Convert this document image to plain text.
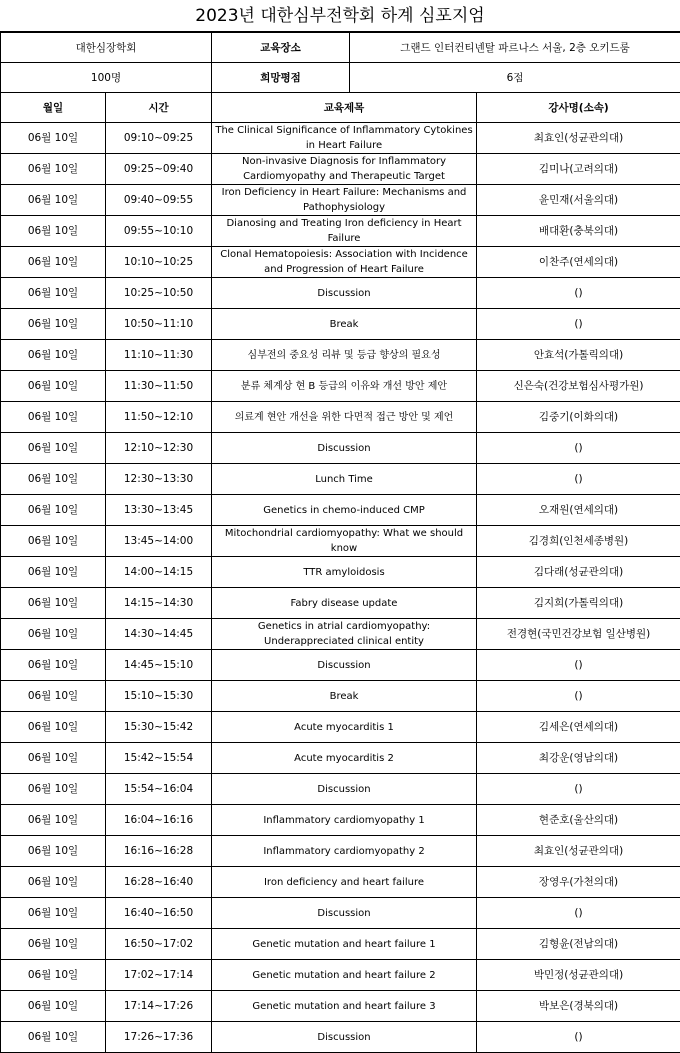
2023년 대한심부전학회 하계 심포지엄
대한심장학회		교육장소	그랜드 인터컨티넨탈 파르나스 서울, 2층 오키드룸	
100명		희망평점	6점	
월일	시간	교육제목		강사명(소속)
06월 10일	09:10~09:25	The Clinical Significance of Inflammatory Cytokines in Heart Failure		최효인(성균관의대)
06월 10일	09:25~09:40	Non-invasive Diagnosis for Inflammatory Cardiomyopathy and Therapeutic Target		김미나(고려의대)
06월 10일	09:40~09:55	Iron Deficiency in Heart Failure: Mechanisms and Pathophysiology		윤민재(서울의대)
06월 10일	09:55~10:10	Dianosing and Treating Iron deficiency in Heart Failure		배대환(충북의대)
06월 10일	10:10~10:25	Clonal Hematopoiesis: Association with Incidence and Progression of Heart Failure		이찬주(연세의대)
06월 10일	10:25~10:50	Discussion		()
06월 10일	10:50~11:10	Break		()
06월 10일	11:10~11:30	심부전의 중요성 리뷰 및 등급 향상의 필요성		안효석(가톨릭의대)
06월 10일	11:30~11:50	분류 체계상 현 B 등급의 이유와 개선 방안 제안		신은숙(건강보험심사평가원)
06월 10일	11:50~12:10	의료계 현안 개선을 위한 다면적 접근 방안 및 제언		김중기(이화의대)
06월 10일	12:10~12:30	Discussion		()
06월 10일	12:30~13:30	Lunch Time		()
06월 10일	13:30~13:45	Genetics in chemo-induced CMP		오재원(연세의대)
06월 10일	13:45~14:00	Mitochondrial cardiomyopathy: What we should know		김경희(인천세종병원)
06월 10일	14:00~14:15	TTR amyloidosis		김다래(성균관의대)
06월 10일	14:15~14:30	Fabry disease update		김지희(가톨릭의대)
06월 10일	14:30~14:45	Genetics in atrial cardiomyopathy: Underappreciated clinical entity		전경현(국민건강보험 일산병원)
06월 10일	14:45~15:10	Discussion		()
06월 10일	15:10~15:30	Break		()
06월 10일	15:30~15:42	Acute myocarditis 1		김세은(연세의대)
06월 10일	15:42~15:54	Acute myocarditis 2		최강운(영남의대)
06월 10일	15:54~16:04	Discussion		()
06월 10일	16:04~16:16	Inflammatory cardiomyopathy 1		현준호(울산의대)
06월 10일	16:16~16:28	Inflammatory cardiomyopathy 2		최효인(성균관의대)
06월 10일	16:28~16:40	Iron deficiency and heart failure		장영우(가천의대)
06월 10일	16:40~16:50	Discussion		()
06월 10일	16:50~17:02	Genetic mutation and heart failure 1		김형윤(전남의대)
06월 10일	17:02~17:14	Genetic mutation and heart failure 2		박민정(성균관의대)
06월 10일	17:14~17:26	Genetic mutation and heart failure 3		박보은(경북의대)
06월 10일	17:26~17:36	Discussion		()
